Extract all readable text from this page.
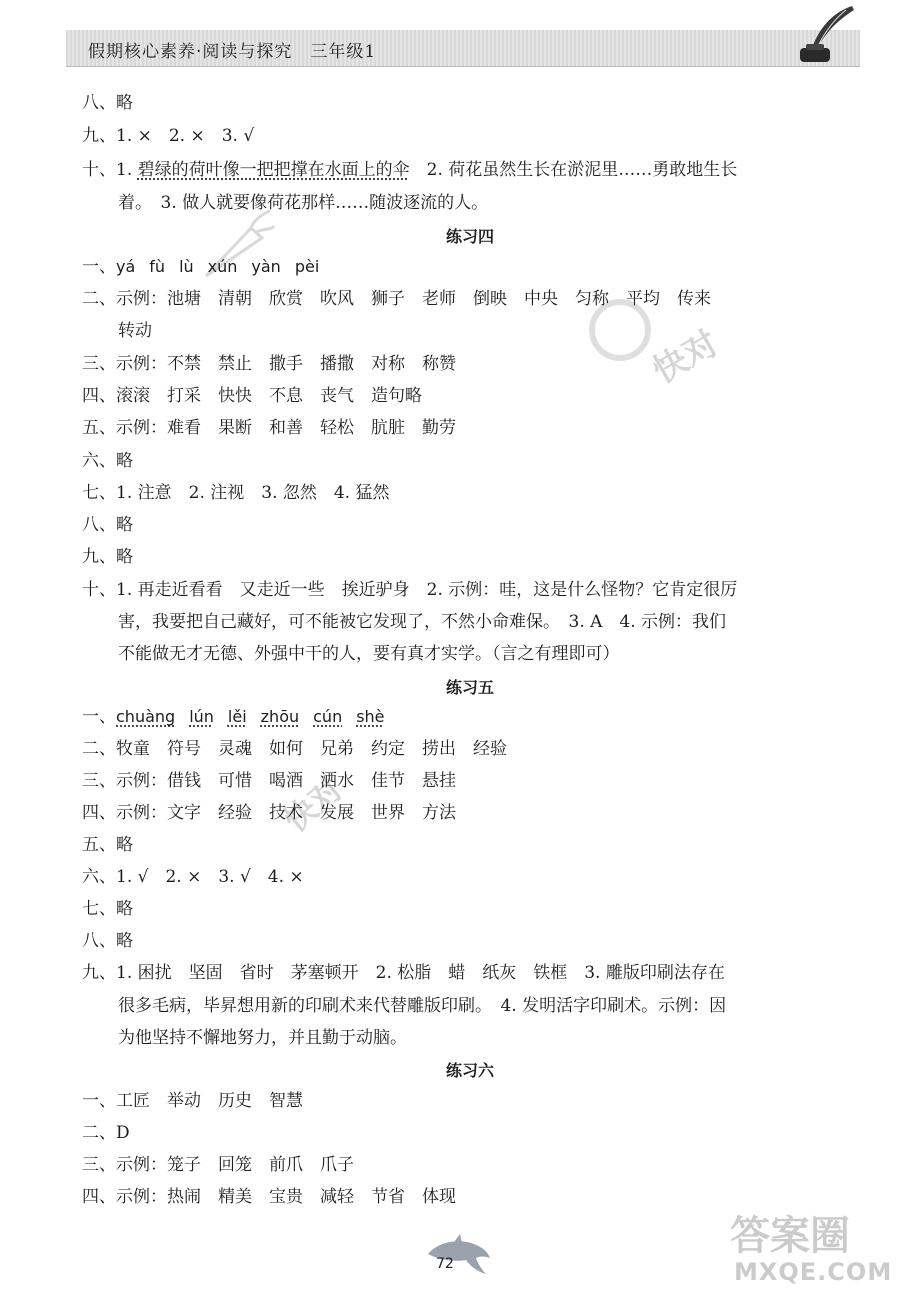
假期核心素养·阅读与探究　三年级1
八、略
九、1. ×　2. ×　3. √
十、1. 碧绿的荷叶像一把把撑在水面上的伞　2. 荷花虽然生长在淤泥里……勇敢地生长
着。　3. 做人就要像荷花那样……随波逐流的人。
练习四
一、yá fù lù xún yàn pèi
二、示例：池塘　清朝　欣赏　吹风　狮子　老师　倒映　中央　匀称　平均　传来
转动
三、示例：不禁　禁止　撒手　播撒　对称　称赞
四、滚滚　打采　快快　不息　丧气　造句略
五、示例：难看　果断　和善　轻松　肮脏　勤劳
六、略
七、1. 注意　2. 注视　3. 忽然　4. 猛然
八、略
九、略
十、1. 再走近看看　又走近一些　挨近驴身　2. 示例：哇，这是什么怪物？它肯定很厉
害，我要把自己藏好，可不能被它发现了，不然小命难保。　3. A　4. 示例：我们
不能做无才无德、外强中干的人，要有真才实学。（言之有理即可）
练习五
一、chuàng lún lěi zhōu cún shè
二、牧童　符号　灵魂　如何　兄弟　约定　捞出　经验
三、示例：借钱　可惜　喝酒　洒水　佳节　悬挂
四、示例：文字　经验　技术　发展　世界　方法
五、略
六、1. √　2. ×　3. √　4. ×
七、略
八、略
九、1. 困扰　坚固　省时　茅塞顿开　2. 松脂　蜡　纸灰　铁框　3. 雕版印刷法存在
很多毛病，毕昇想用新的印刷术来代替雕版印刷。　4. 发明活字印刷术。示例：因
为他坚持不懈地努力，并且勤于动脑。
练习六
一、工匠　举动　历史　智慧
二、D
三、示例：笼子　回笼　前爪　爪子
四、示例：热闹　精美　宝贵　减轻　节省　体现
快对
快对
72
答案圈
MXQE.COM
